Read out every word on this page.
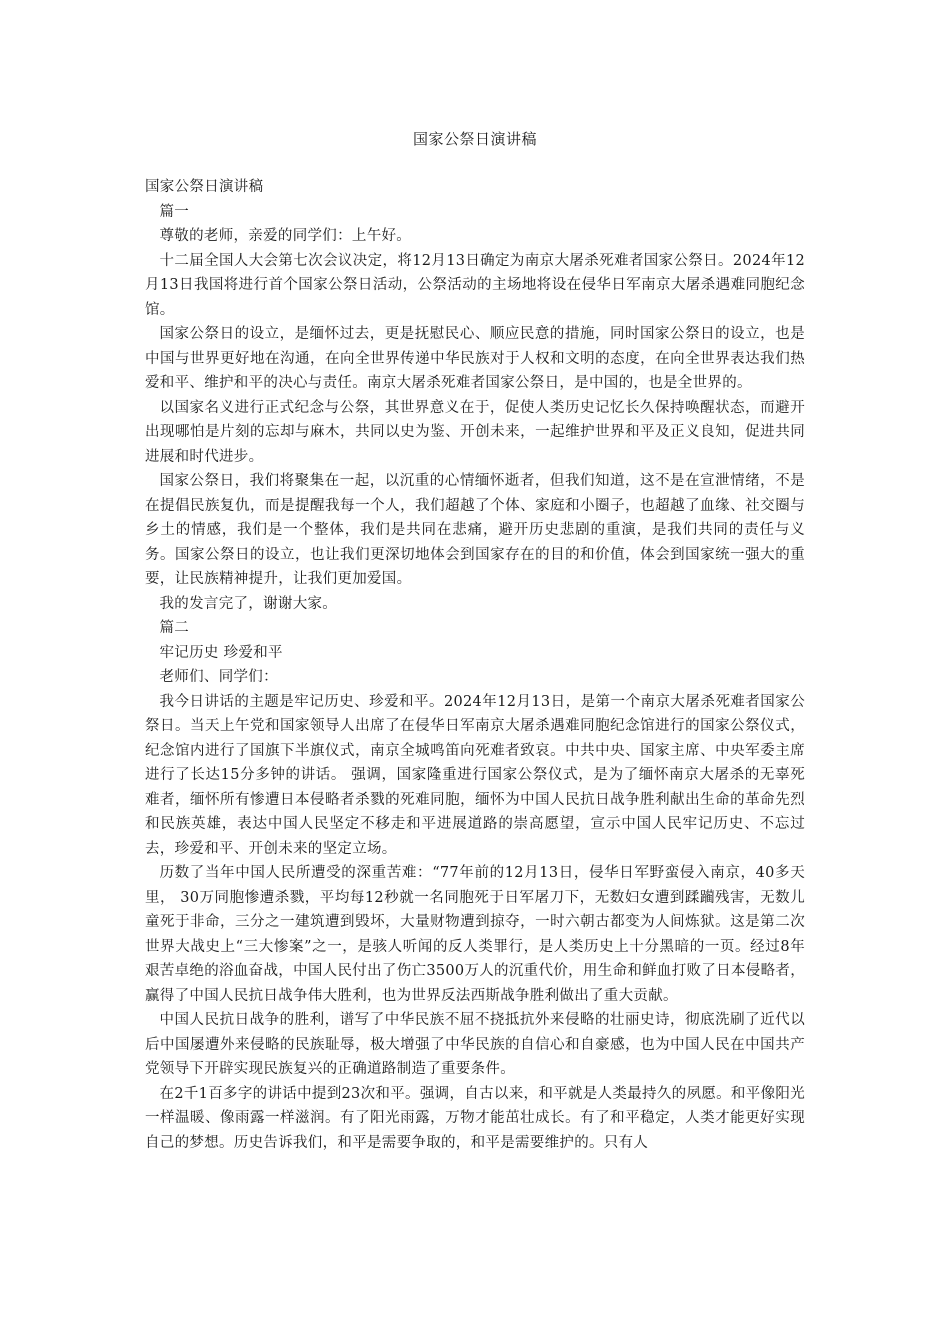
国家公祭日演讲稿

国家公祭日演讲稿

篇一

尊敬的老师，亲爱的同学们：上午好。

十二届全国人大会第七次会议决定，将12月13日确定为南京大屠杀死难者国家公祭日。2024年12月13日我国将进行首个国家公祭日活动，公祭活动的主场地将设在侵华日军南京大屠杀遇难同胞纪念馆。

国家公祭日的设立，是缅怀过去，更是抚慰民心、顺应民意的措施，同时国家公祭日的设立，也是中国与世界更好地在沟通，在向全世界传递中华民族对于人权和文明的态度，在向全世界表达我们热爱和平、维护和平的决心与责任。南京大屠杀死难者国家公祭日，是中国的，也是全世界的。

以国家名义进行正式纪念与公祭，其世界意义在于，促使人类历史记忆长久保持唤醒状态，而避开出现哪怕是片刻的忘却与麻木，共同以史为鉴、开创未来，一起维护世界和平及正义良知，促进共同进展和时代进步。

国家公祭日，我们将聚集在一起，以沉重的心情缅怀逝者，但我们知道，这不是在宣泄情绪，不是在提倡民族复仇，而是提醒我每一个人，我们超越了个体、家庭和小圈子，也超越了血缘、社交圈与乡土的情感，我们是一个整体，我们是共同在悲痛，避开历史悲剧的重演，是我们共同的责任与义务。国家公祭日的设立，也让我们更深切地体会到国家存在的目的和价值，体会到国家统一强大的重要，让民族精神提升，让我们更加爱国。

我的发言完了，谢谢大家。

篇二

牢记历史 珍爱和平

老师们、同学们：

我今日讲话的主题是牢记历史、珍爱和平。2024年12月13日，是第一个南京大屠杀死难者国家公祭日。当天上午党和国家领导人出席了在侵华日军南京大屠杀遇难同胞纪念馆进行的国家公祭仪式，纪念馆内进行了国旗下半旗仪式，南京全城鸣笛向死难者致哀。中共中央、国家主席、中央军委主席进行了长达15分多钟的讲话。 强调，国家隆重进行国家公祭仪式，是为了缅怀南京大屠杀的无辜死难者，缅怀所有惨遭日本侵略者杀戮的死难同胞，缅怀为中国人民抗日战争胜利献出生命的革命先烈和民族英雄，表达中国人民坚定不移走和平进展道路的崇高愿望，宣示中国人民牢记历史、不忘过去，珍爱和平、开创未来的坚定立场。

历数了当年中国人民所遭受的深重苦难：“77年前的12月13日，侵华日军野蛮侵入南京，40多天里， 30万同胞惨遭杀戮，平均每12秒就一名同胞死于日军屠刀下，无数妇女遭到蹂躏残害，无数儿童死于非命，三分之一建筑遭到毁坏，大量财物遭到掠夺，一时六朝古都变为人间炼狱。这是第二次世界大战史上“三大惨案”之一，是骇人听闻的反人类罪行，是人类历史上十分黑暗的一页。经过8年艰苦卓绝的浴血奋战，中国人民付出了伤亡3500万人的沉重代价，用生命和鲜血打败了日本侵略者，赢得了中国人民抗日战争伟大胜利，也为世界反法西斯战争胜利做出了重大贡献。

中国人民抗日战争的胜利，谱写了中华民族不屈不挠抵抗外来侵略的壮丽史诗，彻底洗刷了近代以后中国屡遭外来侵略的民族耻辱，极大增强了中华民族的自信心和自豪感，也为中国人民在中国共产党领导下开辟实现民族复兴的正确道路制造了重要条件。

在2千1百多字的讲话中提到23次和平。强调，自古以来，和平就是人类最持久的夙愿。和平像阳光一样温暖、像雨露一样滋润。有了阳光雨露，万物才能茁壮成长。有了和平稳定，人类才能更好实现自己的梦想。历史告诉我们，和平是需要争取的，和平是需要维护的。只有人
